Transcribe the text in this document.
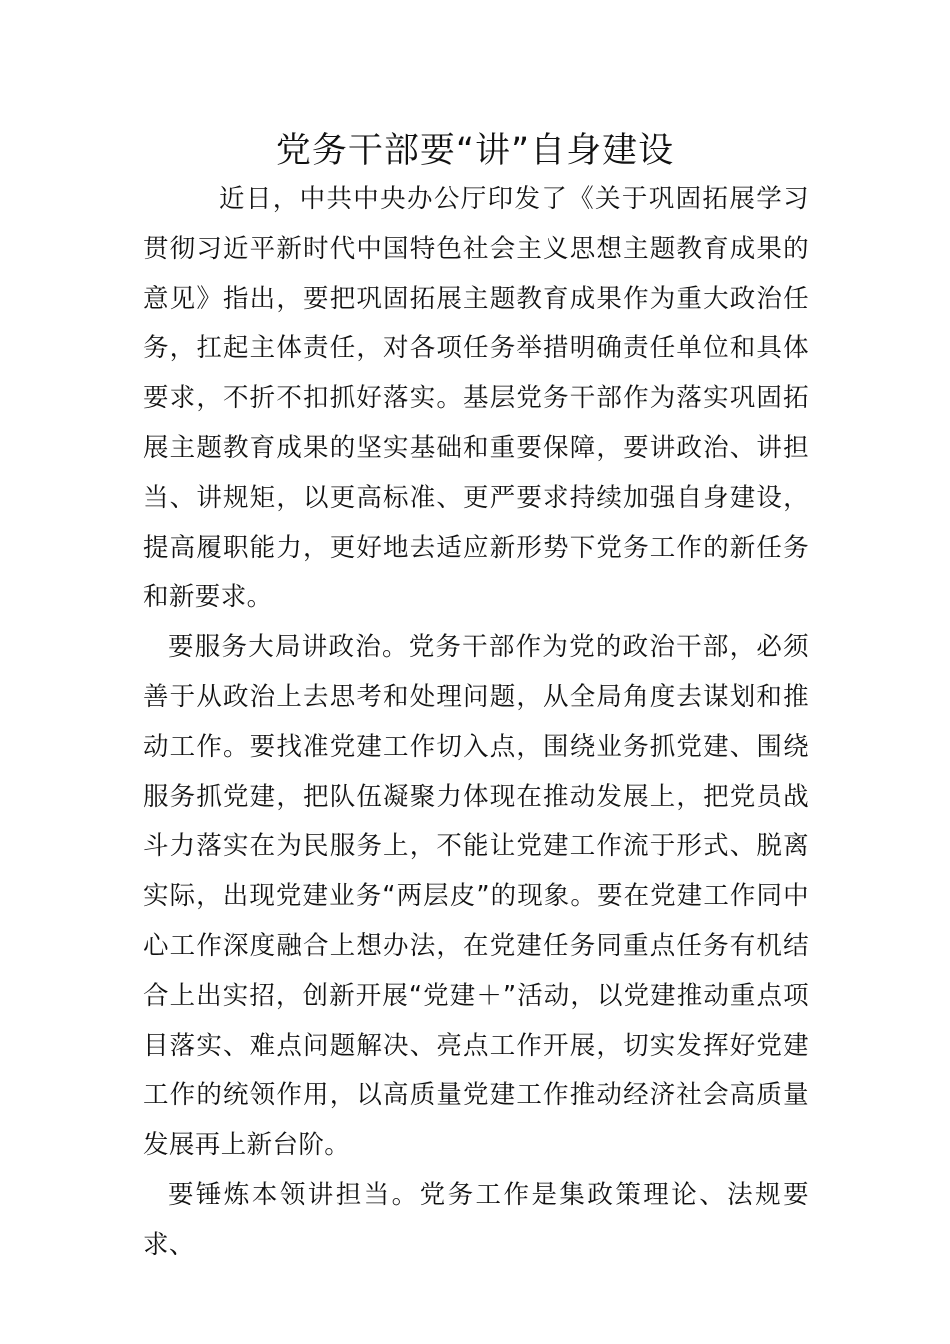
党务干部要“讲”自身建设

近日，中共中央办公厅印发了《关于巩固拓展学习贯彻习近平新时代中国特色社会主义思想主题教育成果的意见》指出，要把巩固拓展主题教育成果作为重大政治任务，扛起主体责任，对各项任务举措明确责任单位和具体要求，不折不扣抓好落实。基层党务干部作为落实巩固拓展主题教育成果的坚实基础和重要保障，要讲政治、讲担当、讲规矩，以更高标准、更严要求持续加强自身建设，提高履职能力，更好地去适应新形势下党务工作的新任务和新要求。

要服务大局讲政治。党务干部作为党的政治干部，必须善于从政治上去思考和处理问题，从全局角度去谋划和推动工作。要找准党建工作切入点，围绕业务抓党建、围绕服务抓党建，把队伍凝聚力体现在推动发展上，把党员战斗力落实在为民服务上，不能让党建工作流于形式、脱离实际，出现党建业务“两层皮”的现象。要在党建工作同中心工作深度融合上想办法，在党建任务同重点任务有机结合上出实招，创新开展“党建＋”活动，以党建推动重点项目落实、难点问题解决、亮点工作开展，切实发挥好党建工作的统领作用，以高质量党建工作推动经济社会高质量发展再上新台阶。

要锤炼本领讲担当。党务工作是集政策理论、法规要求、
